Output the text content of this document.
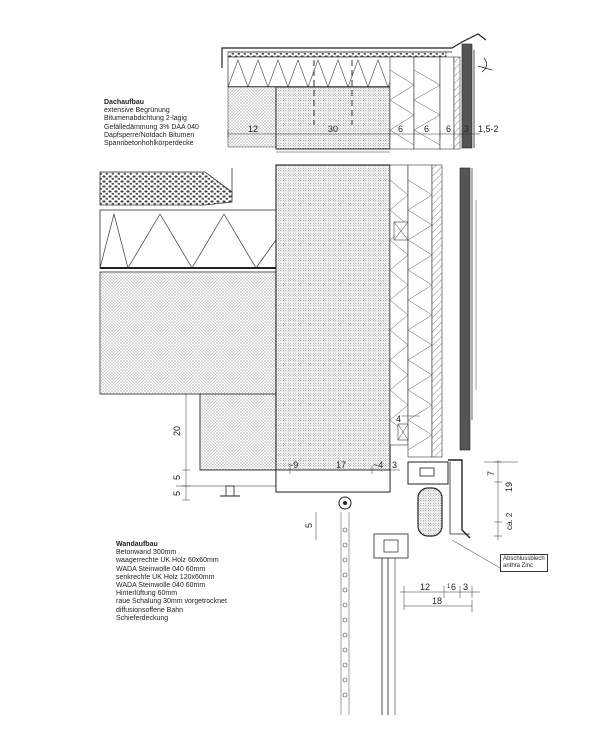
12	30	6 6 6 3 1,5-2
~9	17	~4 3
4
12	1 6 3
18
20
5
5
5
7
19
ca. 2
Dachaufbau
extensive Begrünung
Bitumenabdichtung 2-lagig
Gefälledämmung 3% DAA 040
Dapfsperre/Notdach Bitumen
Spannbetonhohlkörperdecke
Wandaufbau
Betonwand 300mm
waagerrechte UK Holz 60x60mm
WADA Steinwolle 040 60mm
senkrechte UK Holz 120x60mm
WADA Steinwolle 040 60mm
Hinterlüftung 60mm
raue Schalung 30mm vorgetrocknet
diffusionsoffene Bahn
Schieferdeckung
Abschlussblech
anthra Zinc
